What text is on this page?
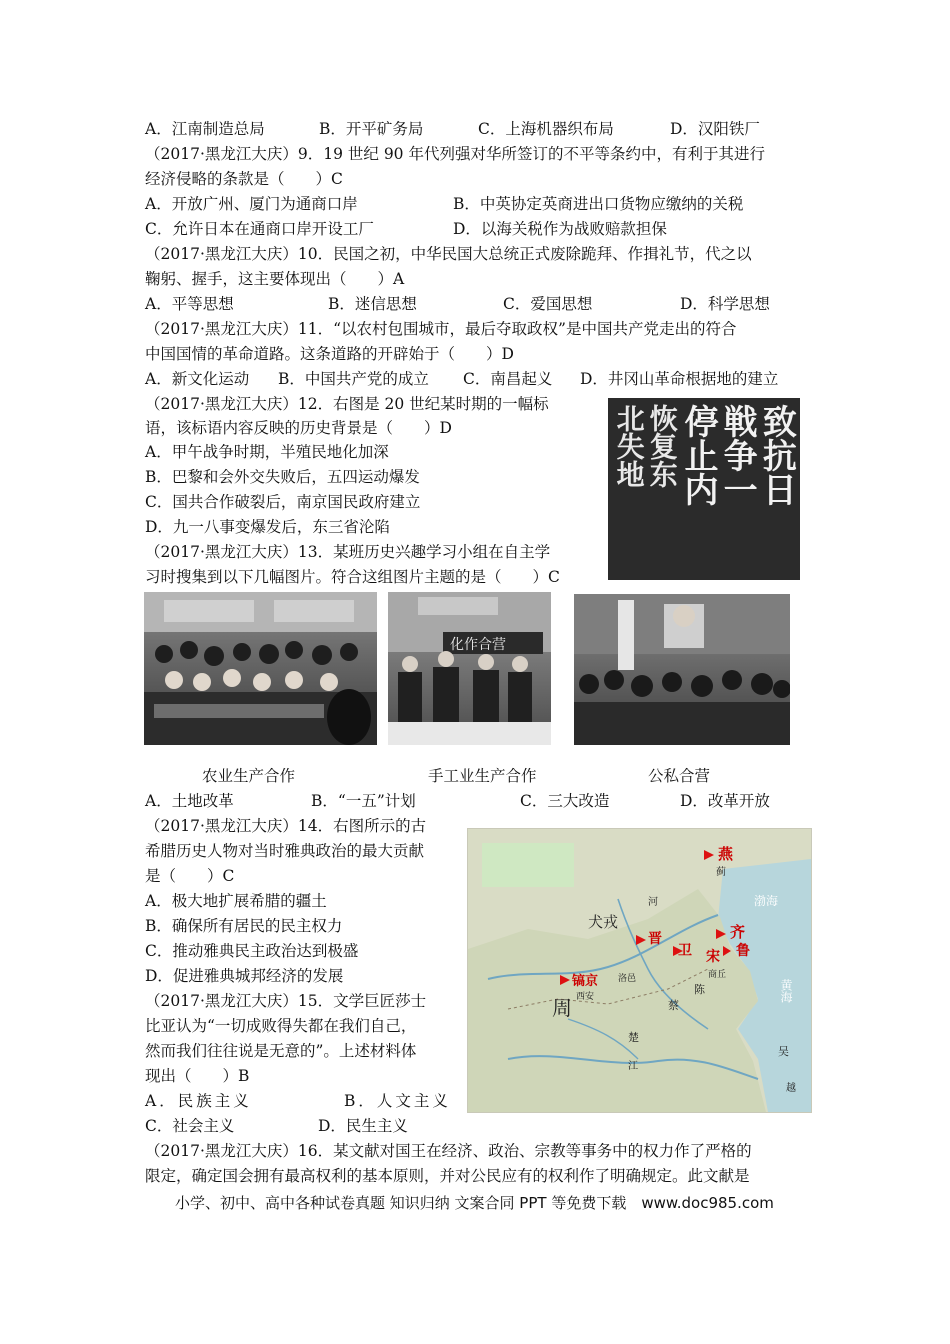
A．江南制造总局	B．开平矿务局	C．上海机器织布局	D．汉阳铁厂
（2017·黑龙江大庆）9．19 世纪 90 年代列强对华所签订的不平等条约中，有利于其进行
经济侵略的条款是（　　）C
A．开放广州、厦门为通商口岸	B．中英协定英商进出口货物应缴纳的关税
C．允许日本在通商口岸开设工厂	D．以海关税作为战败赔款担保
（2017·黑龙江大庆）10．民国之初，中华民国大总统正式废除跪拜、作揖礼节，代之以
鞠躬、握手，这主要体现出（　　）A
A．平等思想	B．迷信思想	C．爱国思想	D．科学思想
（2017·黑龙江大庆）11．“以农村包围城市，最后夺取政权”是中国共产党走出的符合
中国国情的革命道路。这条道路的开辟始于（　　）D
A．新文化运动 B．中国共产党的成立 C．南昌起义 D．井冈山革命根据地的建立
（2017·黑龙江大庆）12．右图是 20 世纪某时期的一幅标
语，该标语内容反映的历史背景是（　　）D
A．甲午战争时期，半殖民地化加深
B．巴黎和会外交失败后，五四运动爆发
C．国共合作破裂后，南京国民政府建立
D．九一八事变爆发后，东三省沦陷
致抗日
戦争一
停止内
恢复东
北失地
（2017·黑龙江大庆）13．某班历史兴趣学习小组在自主学
习时搜集到以下几幅图片。符合这组图片主题的是（　　）C
化作合营
农业生产合作	手工业生产合作	公私合营
A．土地改革	B．“一五”计划	C．三大改造	D．改革开放
（2017·黑龙江大庆）14．右图所示的古
希腊历史人物对当时雅典政治的最大贡献
是（　　）C
A．极大地扩展希腊的疆土
B．确保所有居民的民主权力
C．推动雅典民主政治达到极盛
D．促进雅典城邦经济的发展
燕
蓟
渤海
犬戎
晋
卫 宋
齐
鲁
镐京
周 西安
洛邑	商丘
陈
蔡
楚
吴
越
黄海
河
江
（2017·黑龙江大庆）15．文学巨匠莎士
比亚认为“一切成败得失都在我们自己，
然而我们往往说是无意的”。上述材料体
现出（　　）B
A．民族主义	B．人文主义
C．社会主义	D．民生主义
（2017·黑龙江大庆）16．某文献对国王在经济、政治、宗教等事务中的权力作了严格的
限定，确定国会拥有最高权利的基本原则，并对公民应有的权利作了明确规定。此文献是
小学、初中、高中各种试卷真题 知识归纳 文案合同 PPT 等免费下载　www.doc985.com
